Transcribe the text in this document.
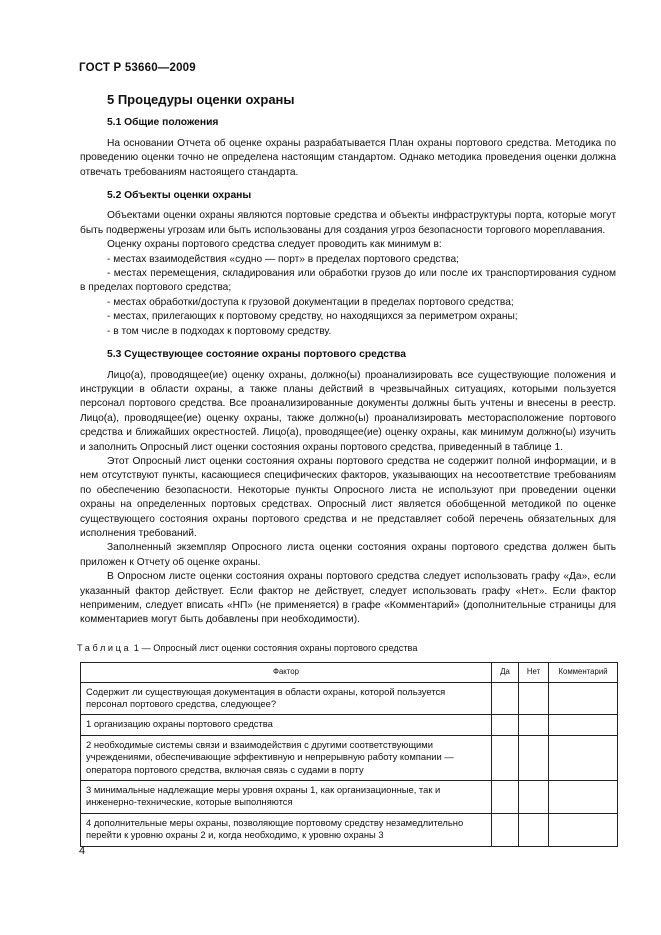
ГОСТ Р 53660—2009
5 Процедуры оценки охраны
5.1 Общие положения

На основании Отчета об оценке охраны разрабатывается План охраны портового средства. Методика по проведению оценки точно не определена настоящим стандартом. Однако методика проведения оценки должна отвечать требованиям настоящего стандарта.

5.2 Объекты оценки охраны

Объектами оценки охраны являются портовые средства и объекты инфраструктуры порта, которые могут быть подвержены угрозам или быть использованы для создания угроз безопасности торгового мореплавания.

Оценку охраны портового средства следует проводить как минимум в:

- местах взаимодействия «судно — порт» в пределах портового средства;

- местах перемещения, складирования или обработки грузов до или после их транспортирования судном в пределах портового средства;

- местах обработки/доступа к грузовой документации в пределах портового средства;

- местах, прилегающих к портовому средству, но находящихся за периметром охраны;

- в том числе в подходах к портовому средству.

5.3 Существующее состояние охраны портового средства

Лицо(а), проводящее(ие) оценку охраны, должно(ы) проанализировать все существующие положения и инструкции в области охраны, а также планы действий в чрезвычайных ситуациях, которыми пользуется персонал портового средства. Все проанализированные документы должны быть учтены и внесены в реестр. Лицо(а), проводящее(ие) оценку охраны, также должно(ы) проанализировать месторасположение портового средства и ближайших окрестностей. Лицо(а), проводящее(ие) оценку охраны, как минимум должно(ы) изучить и заполнить Опросный лист оценки состояния охраны портового средства, приведенный в таблице 1.

Этот Опросный лист оценки состояния охраны портового средства не содержит полной информации, и в нем отсутствуют пункты, касающиеся специфических факторов, указывающих на несоответствие требованиям по обеспечению безопасности. Некоторые пункты Опросного листа не используют при проведении оценки охраны на определенных портовых средствах. Опросный лист является обобщенной методикой по оценке существующего состояния охраны портового средства и не представляет собой перечень обязательных для исполнения требований.

Заполненный экземпляр Опросного листа оценки состояния охраны портового средства должен быть приложен к Отчету об оценке охраны.

В Опросном листе оценки состояния охраны портового средства следует использовать графу «Да», если указанный фактор действует. Если фактор не действует, следует использовать графу «Нет». Если фактор неприменим, следует вписать «НП» (не применяется) в графе «Комментарий» (дополнительные страницы для комментариев могут быть добавлены при необходимости).

Таблица 1 — Опросный лист оценки состояния охраны портового средства
Фактор	Да	Нет	Комментарий
Содержит ли существующая документация в области охраны, которой пользуется персонал портового средства, следующее?			
1 организацию охраны портового средства			
2 необходимые системы связи и взаимодействия с другими соответствующими учреждениями, обеспечивающие эффективную и непрерывную работу компании — оператора портового средства, включая связь с судами в порту			
3 минимальные надлежащие меры уровня охраны 1, как организационные, так и инженерно-технические, которые выполняются			
4 дополнительные меры охраны, позволяющие портовому средству незамедлительно перейти к уровню охраны 2 и, когда необходимо, к уровню охраны 3			
4
